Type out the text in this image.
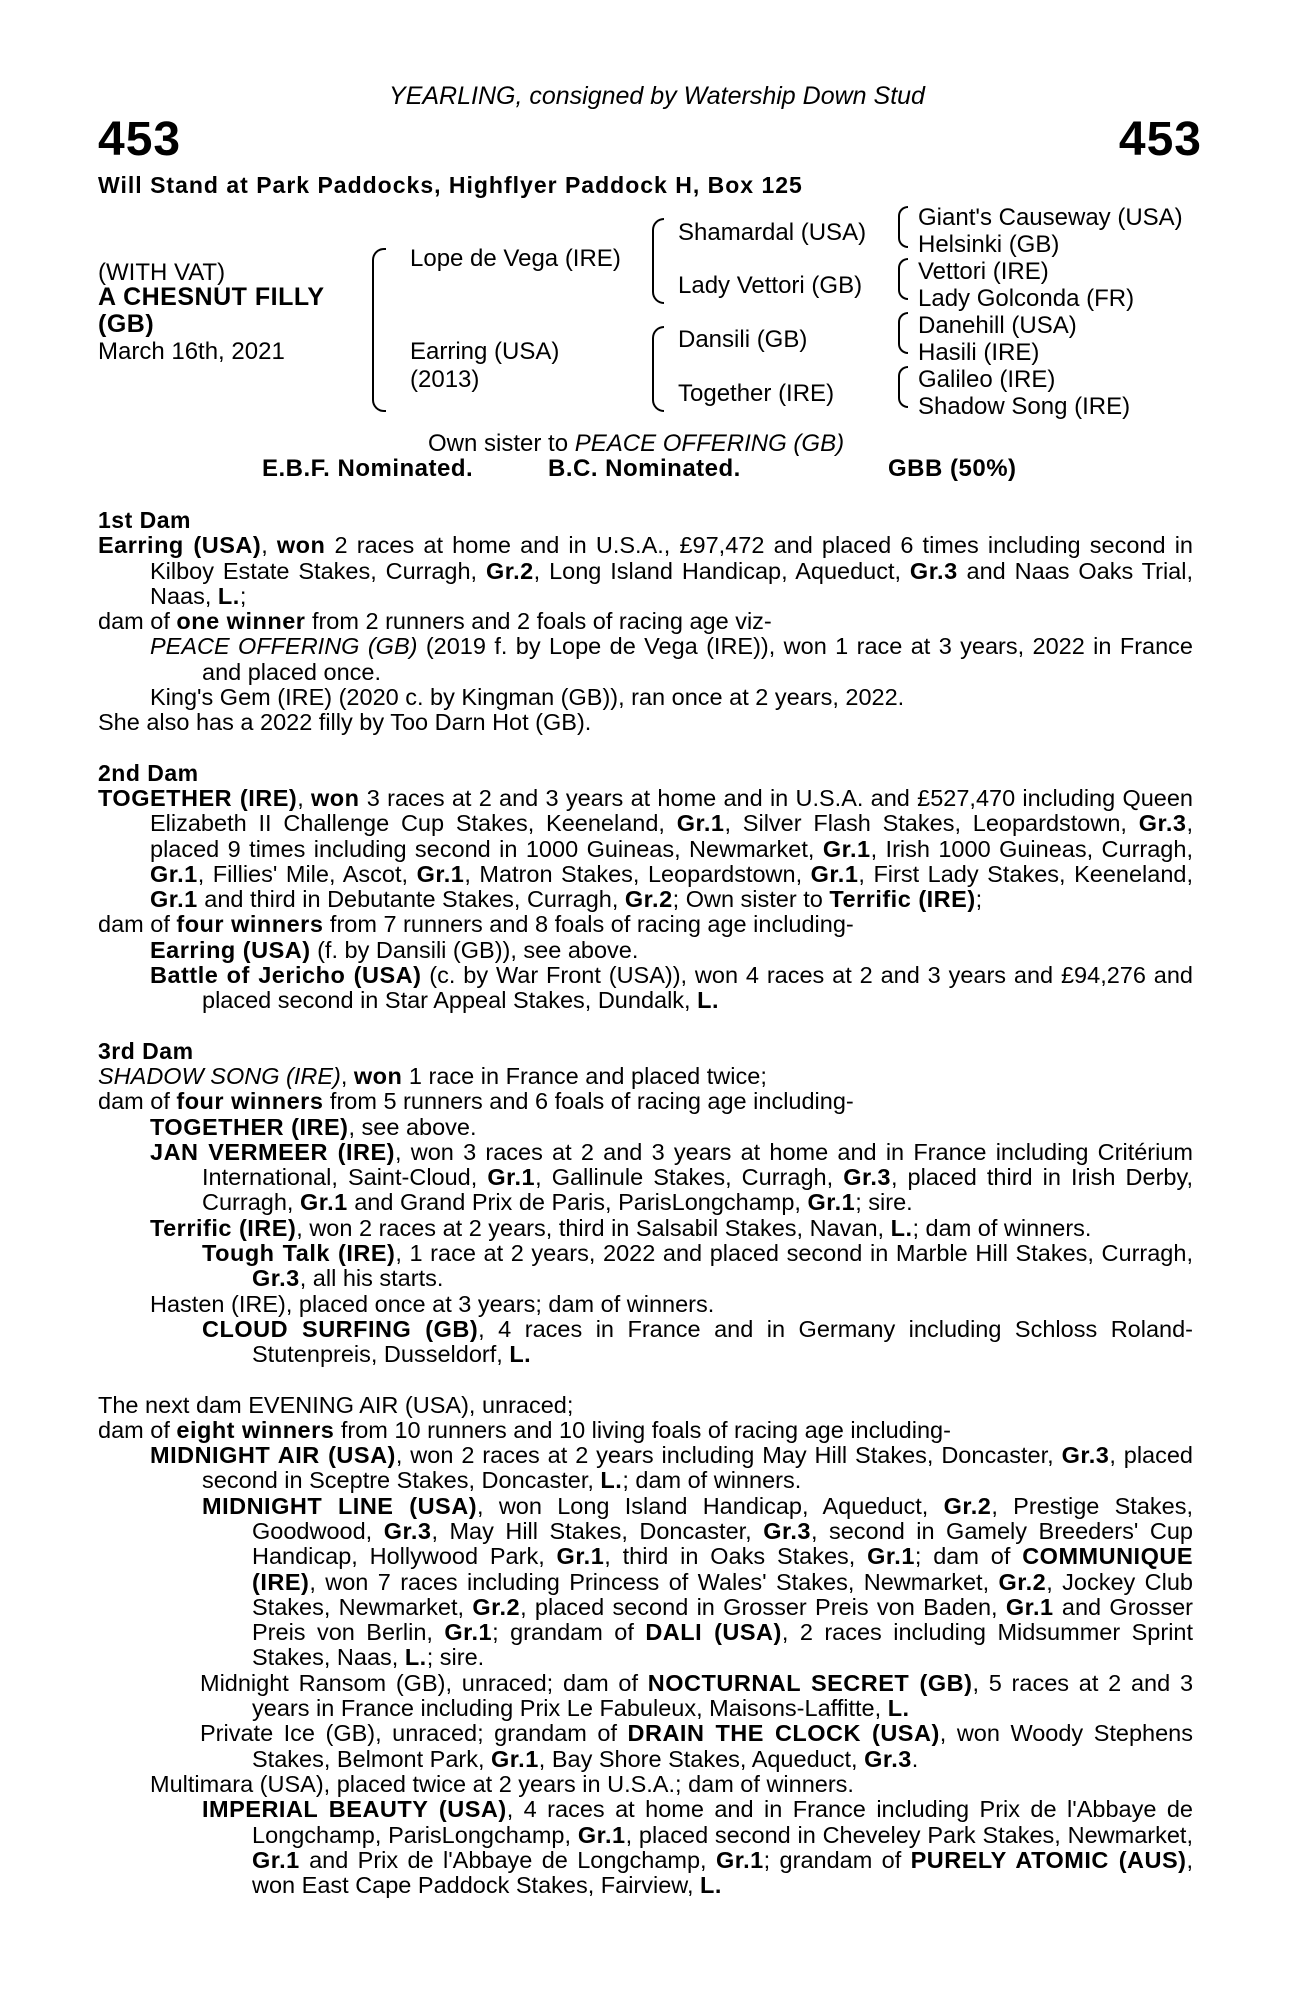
YEARLING, consigned by Watership Down Stud
453	453
Will Stand at Park Paddocks, Highflyer Paddock H, Box 125
(WITH VAT)
A CHESNUT FILLY
(GB)
March 16th, 2021
Lope de Vega (IRE)
Earring (USA)
(2013)
Shamardal (USA)
Lady Vettori (GB)
Dansili (GB)
Together (IRE)
Giant's Causeway (USA)
Helsinki (GB)
Vettori (IRE)
Lady Golconda (FR)
Danehill (USA)
Hasili (IRE)
Galileo (IRE)
Shadow Song (IRE)
Own sister to PEACE OFFERING (GB)
E.B.F. Nominated.	B.C. Nominated.	GBB (50%)
1st Dam
Earring (USA), won 2 races at home and in U.S.A., £97,472 and placed 6 times including second in Kilboy Estate Stakes, Curragh, Gr.2, Long Island Handicap, Aqueduct, Gr.3 and Naas Oaks Trial, Naas, L.;
dam of one winner from 2 runners and 2 foals of racing age viz-
PEACE OFFERING (GB) (2019 f. by Lope de Vega (IRE)), won 1 race at 3 years, 2022 in France and placed once.
King's Gem (IRE) (2020 c. by Kingman (GB)), ran once at 2 years, 2022.
She also has a 2022 filly by Too Darn Hot (GB).
2nd Dam
TOGETHER (IRE), won 3 races at 2 and 3 years at home and in U.S.A. and £527,470 including Queen Elizabeth II Challenge Cup Stakes, Keeneland, Gr.1, Silver Flash Stakes, Leopardstown, Gr.3, placed 9 times including second in 1000 Guineas, Newmarket, Gr.1, Irish 1000 Guineas, Curragh, Gr.1, Fillies' Mile, Ascot, Gr.1, Matron Stakes, Leopardstown, Gr.1, First Lady Stakes, Keeneland, Gr.1 and third in Debutante Stakes, Curragh, Gr.2; Own sister to Terrific (IRE);
dam of four winners from 7 runners and 8 foals of racing age including-
Earring (USA) (f. by Dansili (GB)), see above.
Battle of Jericho (USA) (c. by War Front (USA)), won 4 races at 2 and 3 years and £94,276 and placed second in Star Appeal Stakes, Dundalk, L.
3rd Dam
SHADOW SONG (IRE), won 1 race in France and placed twice;
dam of four winners from 5 runners and 6 foals of racing age including-
TOGETHER (IRE), see above.
JAN VERMEER (IRE), won 3 races at 2 and 3 years at home and in France including Critérium International, Saint-Cloud, Gr.1, Gallinule Stakes, Curragh, Gr.3, placed third in Irish Derby, Curragh, Gr.1 and Grand Prix de Paris, ParisLongchamp, Gr.1; sire.
Terrific (IRE), won 2 races at 2 years, third in Salsabil Stakes, Navan, L.; dam of winners.
Tough Talk (IRE), 1 race at 2 years, 2022 and placed second in Marble Hill Stakes, Curragh, Gr.3, all his starts.
Hasten (IRE), placed once at 3 years; dam of winners.
CLOUD SURFING (GB), 4 races in France and in Germany including Schloss Roland-Stutenpreis, Dusseldorf, L.
The next dam EVENING AIR (USA), unraced;
dam of eight winners from 10 runners and 10 living foals of racing age including-
MIDNIGHT AIR (USA), won 2 races at 2 years including May Hill Stakes, Doncaster, Gr.3, placed second in Sceptre Stakes, Doncaster, L.; dam of winners.
MIDNIGHT LINE (USA), won Long Island Handicap, Aqueduct, Gr.2, Prestige Stakes, Goodwood, Gr.3, May Hill Stakes, Doncaster, Gr.3, second in Gamely Breeders' Cup Handicap, Hollywood Park, Gr.1, third in Oaks Stakes, Gr.1; dam of COMMUNIQUE (IRE), won 7 races including Princess of Wales' Stakes, Newmarket, Gr.2, Jockey Club Stakes, Newmarket, Gr.2, placed second in Grosser Preis von Baden, Gr.1 and Grosser Preis von Berlin, Gr.1; grandam of DALI (USA), 2 races including Midsummer Sprint Stakes, Naas, L.; sire.
Midnight Ransom (GB), unraced; dam of NOCTURNAL SECRET (GB), 5 races at 2 and 3 years in France including Prix Le Fabuleux, Maisons-Laffitte, L.
Private Ice (GB), unraced; grandam of DRAIN THE CLOCK (USA), won Woody Stephens Stakes, Belmont Park, Gr.1, Bay Shore Stakes, Aqueduct, Gr.3.
Multimara (USA), placed twice at 2 years in U.S.A.; dam of winners.
IMPERIAL BEAUTY (USA), 4 races at home and in France including Prix de l'Abbaye de Longchamp, ParisLongchamp, Gr.1, placed second in Cheveley Park Stakes, Newmarket, Gr.1 and Prix de l'Abbaye de Longchamp, Gr.1; grandam of PURELY ATOMIC (AUS), won East Cape Paddock Stakes, Fairview, L.
